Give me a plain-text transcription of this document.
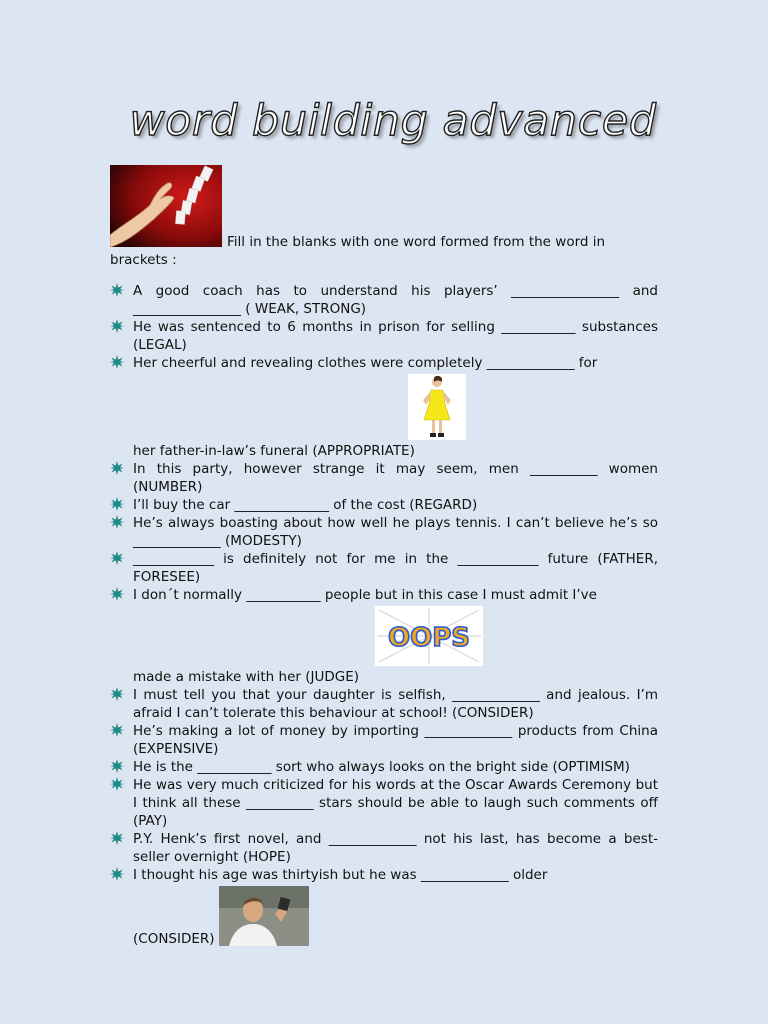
word building advanced
Fill in the blanks with one word formed from the word in brackets :
A good coach has to understand his players’ ________________ and ________________ ( WEAK, STRONG)
He was sentenced to 6 months in prison for selling ___________ substances (LEGAL)
Her cheerful and revealing clothes were completely _____________ for
her father-in-law’s funeral (APPROPRIATE)
In this party, however strange it may seem, men __________ women (NUMBER)
I’ll buy the car ______________ of the cost (REGARD)
He’s always boasting about how well he plays tennis. I can’t believe he’s so _____________ (MODESTY)
____________ is definitely not for me in the ____________ future (FATHER, FORESEE)
I don´t normally ___________ people but in this case I must admit I’ve
OOPS
made a mistake with her (JUDGE)
I must tell you that your daughter is selfish, _____________ and jealous. I’m afraid I can’t tolerate this behaviour at school! (CONSIDER)
He’s making a lot of money by importing _____________ products from China (EXPENSIVE)
He is the ___________ sort who always looks on the bright side (OPTIMISM)
He was very much criticized for his words at the Oscar Awards Ceremony but I think all these __________ stars should be able to laugh such comments off (PAY)
P.Y. Henk’s first novel, and _____________ not his last, has become a best-seller overnight (HOPE)
I thought his age was thirtyish but he was _____________ older
(CONSIDER)
